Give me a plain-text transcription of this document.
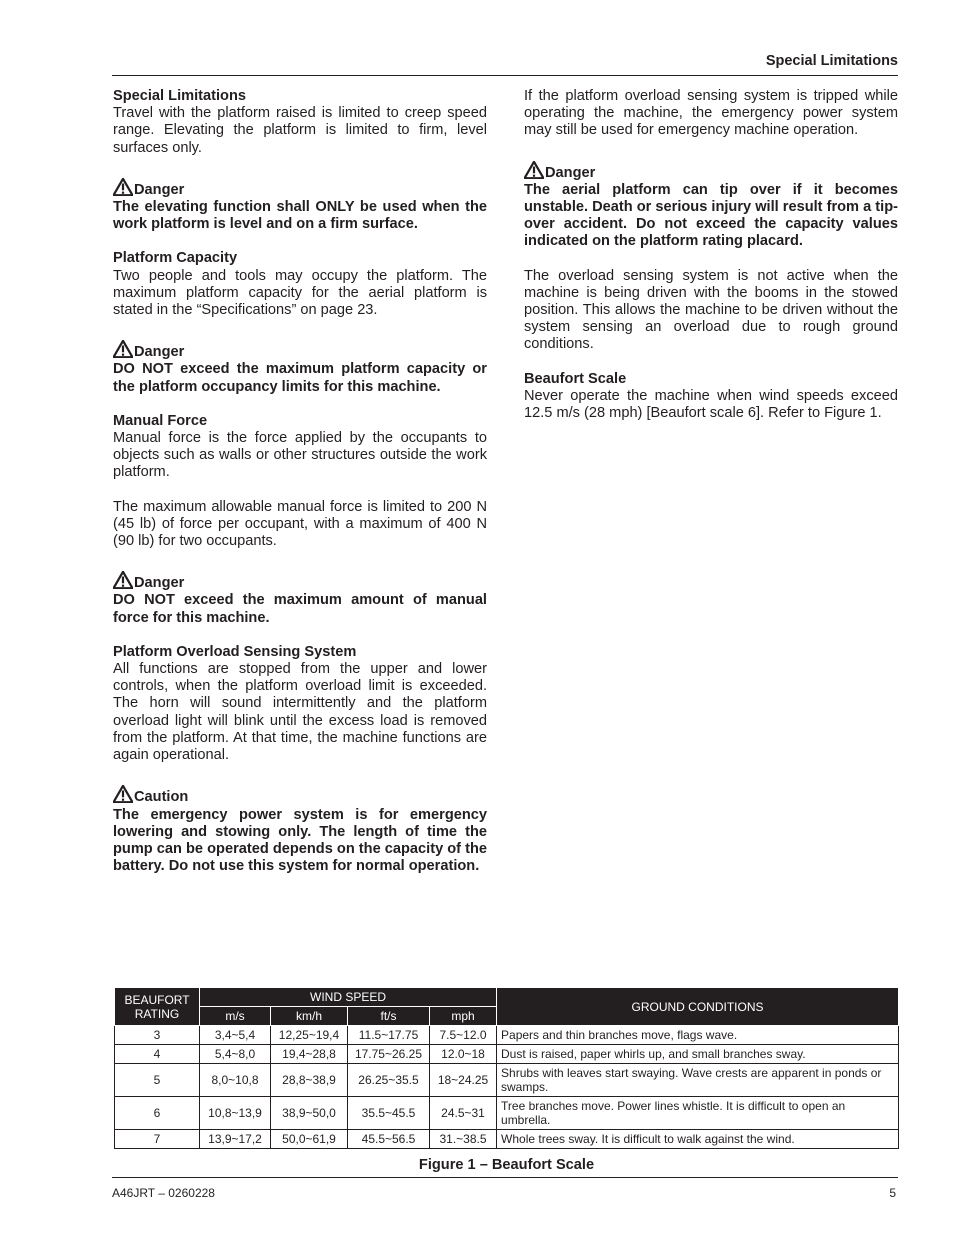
Special Limitations

Special Limitations

Travel with the platform raised is limited to creep speed range. Elevating the platform is limited to firm, level surfaces only.

Danger

The elevating function shall ONLY be used when the work platform is level and on a firm surface.

Platform Capacity

Two people and tools may occupy the platform. The maximum platform capacity for the aerial platform is stated in the “Specifications” on page 23.

Danger

DO NOT exceed the maximum platform capacity or the platform occupancy limits for this machine.

Manual Force

Manual force is the force applied by the occupants to objects such as walls or other structures outside the work platform.

The maximum allowable manual force is limited to 200 N (45 lb) of force per occupant, with a maximum of 400 N (90 lb) for two occupants.

Danger

DO NOT exceed the maximum amount of manual force for this machine.

Platform Overload Sensing System

All functions are stopped from the upper and lower controls, when the platform overload limit is exceeded. The horn will sound intermittently and the platform overload light will blink until the excess load is removed from the platform. At that time, the machine functions are again operational.

Caution

The emergency power system is for emergency lowering and stowing only. The length of time the pump can be operated depends on the capacity of the battery. Do not use this system for normal operation.

If the platform overload sensing system is tripped while operating the machine, the emergency power system may still be used for emergency machine operation.

Danger

The aerial platform can tip over if it becomes unstable. Death or serious injury will result from a tip-over accident. Do not exceed the capacity values indicated on the platform rating placard.

The overload sensing system is not active when the machine is being driven with the booms in the stowed position. This allows the machine to be driven without the system sensing an overload due to rough ground conditions.

Beaufort Scale

Never operate the machine when wind speeds exceed 12.5 m/s (28 mph) [Beaufort scale 6]. Refer to Figure 1.

BEAUFORT RATING	WIND SPEED				GROUND CONDITIONS
	m/s	km/h	ft/s	mph	
3	3,4~5,4	12,25~19,4	11.5~17.75	7.5~12.0	Papers and thin branches move, flags wave.
4	5,4~8,0	19,4~28,8	17.75~26.25	12.0~18	Dust is raised, paper whirls up, and small branches sway.
5	8,0~10,8	28,8~38,9	26.25~35.5	18~24.25	Shrubs with leaves start swaying. Wave crests are apparent in ponds or swamps.
6	10,8~13,9	38,9~50,0	35.5~45.5	24.5~31	Tree branches move. Power lines whistle. It is difficult to open an umbrella.
7	13,9~17,2	50,0~61,9	45.5~56.5	31.~38.5	Whole trees sway. It is difficult to walk against the wind.
Figure 1 – Beaufort Scale
A46JRT – 0260228	5
